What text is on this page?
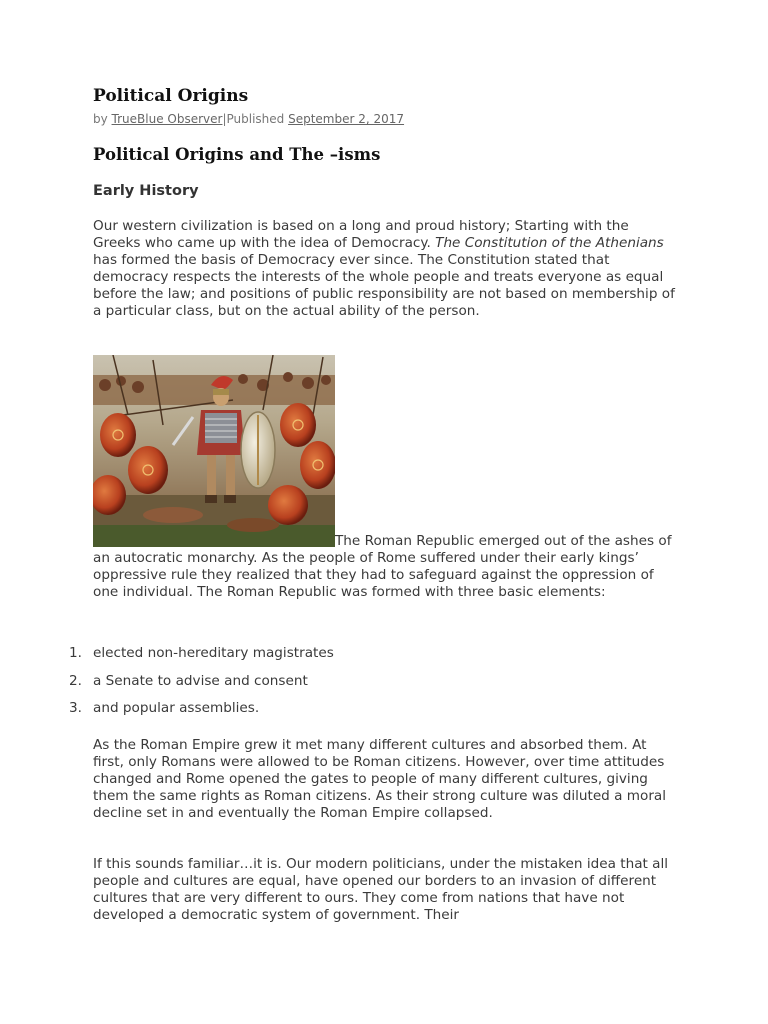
Political Origins
by TrueBlue Observer|Published September 2, 2017
Political Origins and The –isms
Early History

Our western civilization is based on a long and proud history; Starting with the Greeks who came up with the idea of Democracy. The Constitution of the Athenians has formed the basis of Democracy ever since. The Constitution stated that democracy respects the interests of the whole people and treats everyone as equal before the law; and positions of public responsibility are not based on membership of a particular class, but on the actual ability of the person.

The Roman Republic emerged out of the ashes of an autocratic monarchy. As the people of Rome suffered under their early kings’ oppressive rule they realized that they had to safeguard against the oppression of one individual. The Roman Republic was formed with three basic elements:

1. elected non-hereditary magistrates
2. a Senate to advise and consent
3. and popular assemblies.

As the Roman Empire grew it met many different cultures and absorbed them. At first, only Romans were allowed to be Roman citizens. However, over time attitudes changed and Rome opened the gates to people of many different cultures, giving them the same rights as Roman citizens. As their strong culture was diluted a moral decline set in and eventually the Roman Empire collapsed.

If this sounds familiar…it is. Our modern politicians, under the mistaken idea that all people and cultures are equal, have opened our borders to an invasion of different cultures that are very different to ours. They come from nations that have not developed a democratic system of government. Their
